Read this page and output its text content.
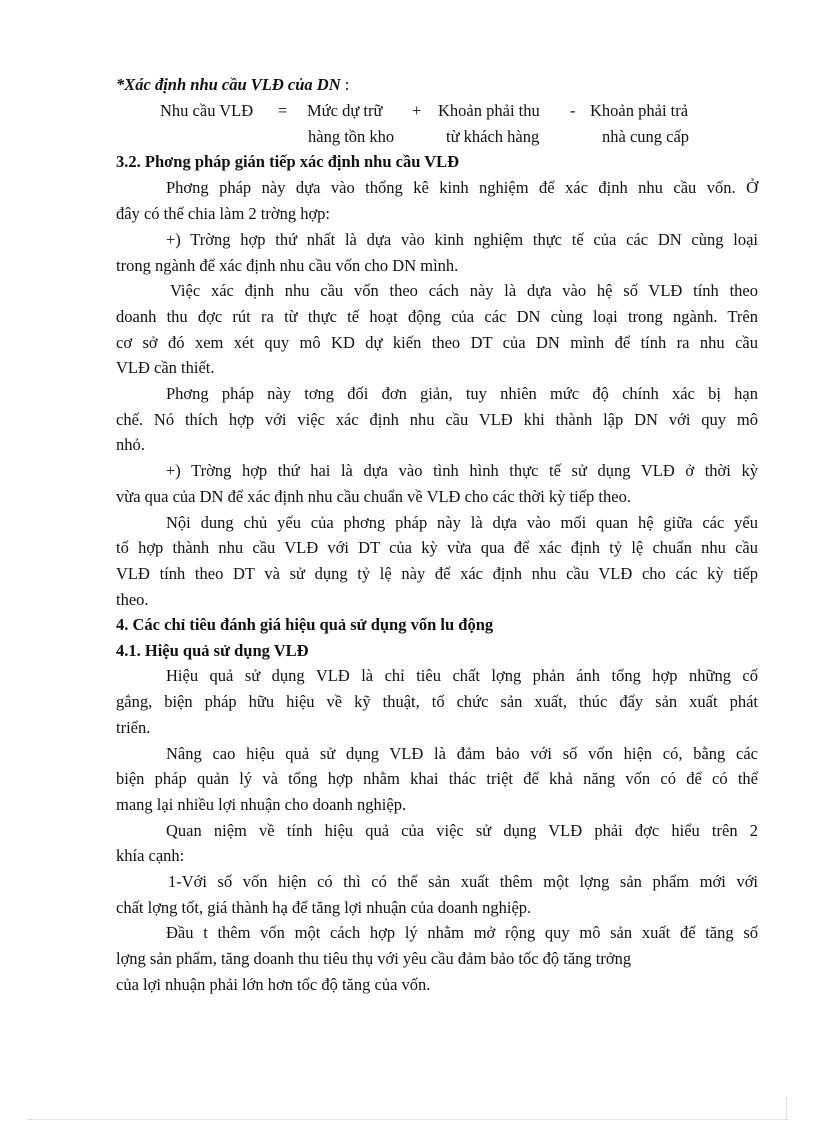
*Xác định nhu cầu VLĐ của DN :
Nhu cầu VLĐ = Mức dự trữ + Khoản phải thu - Khoản phải trả
hàng tồn kho	từ khách hàng	nhà cung cấp
3.2. Phơng pháp gián tiếp xác định nhu cầu VLĐ
Phơng pháp này dựa vào thống kê kinh nghiệm để xác định nhu cầu vốn. Ở
đây có thể chia làm 2 trờng hợp:
+) Trờng hợp thứ nhất là dựa vào kinh nghiệm thực tế của các DN cùng loại
trong ngành để xác định nhu cầu vốn cho DN mình.
Việc xác định nhu cầu vốn theo cách này là dựa vào hệ số VLĐ tính theo
doanh thu đợc rút ra từ thực tế hoạt động của các DN cùng loại trong ngành. Trên
cơ sở đó xem xét quy mô KD dự kiến theo DT của DN mình để tính ra nhu cầu
VLĐ cần thiết.
Phơng pháp này tơng đối đơn giản, tuy nhiên mức độ chính xác bị hạn
chế. Nó thích hợp với việc xác định nhu cầu VLĐ khi thành lập DN với quy mô
nhỏ.
+) Trờng hợp thứ hai là dựa vào tình hình thực tế sử dụng VLĐ ở thời kỳ
vừa qua của DN để xác định nhu cầu chuẩn về VLĐ cho các thời kỳ tiếp theo.
Nội dung chủ yếu của phơng pháp này là dựa vào mối quan hệ giữa các yếu
tố hợp thành nhu cầu VLĐ với DT của kỳ vừa qua để xác định tỷ lệ chuẩn nhu cầu
VLĐ tính theo DT và sử dụng tỷ lệ này để xác định nhu cầu VLĐ cho các kỳ tiếp
theo.
4. Các chỉ tiêu đánh giá hiệu quả sử dụng vốn lu động
4.1. Hiệu quả sử dụng VLĐ
Hiệu quả sử dụng VLĐ là chỉ tiêu chất lợng phản ánh tổng hợp những cố
gắng, biện pháp hữu hiệu về kỹ thuật, tổ chức sản xuất, thúc đẩy sản xuất phát
triển.
Nâng cao hiệu quả sử dụng VLĐ là đảm bảo với số vốn hiện có, bằng các
biện pháp quản lý và tổng hợp nhằm khai thác triệt để khả năng vốn có để có thể
mang lại nhiều lợi nhuận cho doanh nghiệp.
Quan niệm về tính hiệu quả của việc sử dụng VLĐ phải đợc hiểu trên 2
khía cạnh:
1-Với số vốn hiện có thì có thể sản xuất thêm một lợng sản phẩm mới với
chất lợng tốt, giá thành hạ để tăng lợi nhuận của doanh nghiệp.
Đầu t thêm vốn một cách hợp lý nhằm mở rộng quy mô sản xuất để tăng số
lợng sản phẩm, tăng doanh thu tiêu thụ với yêu cầu đảm bảo tốc độ tăng trởng
của lợi nhuận phải lớn hơn tốc độ tăng của vốn.
